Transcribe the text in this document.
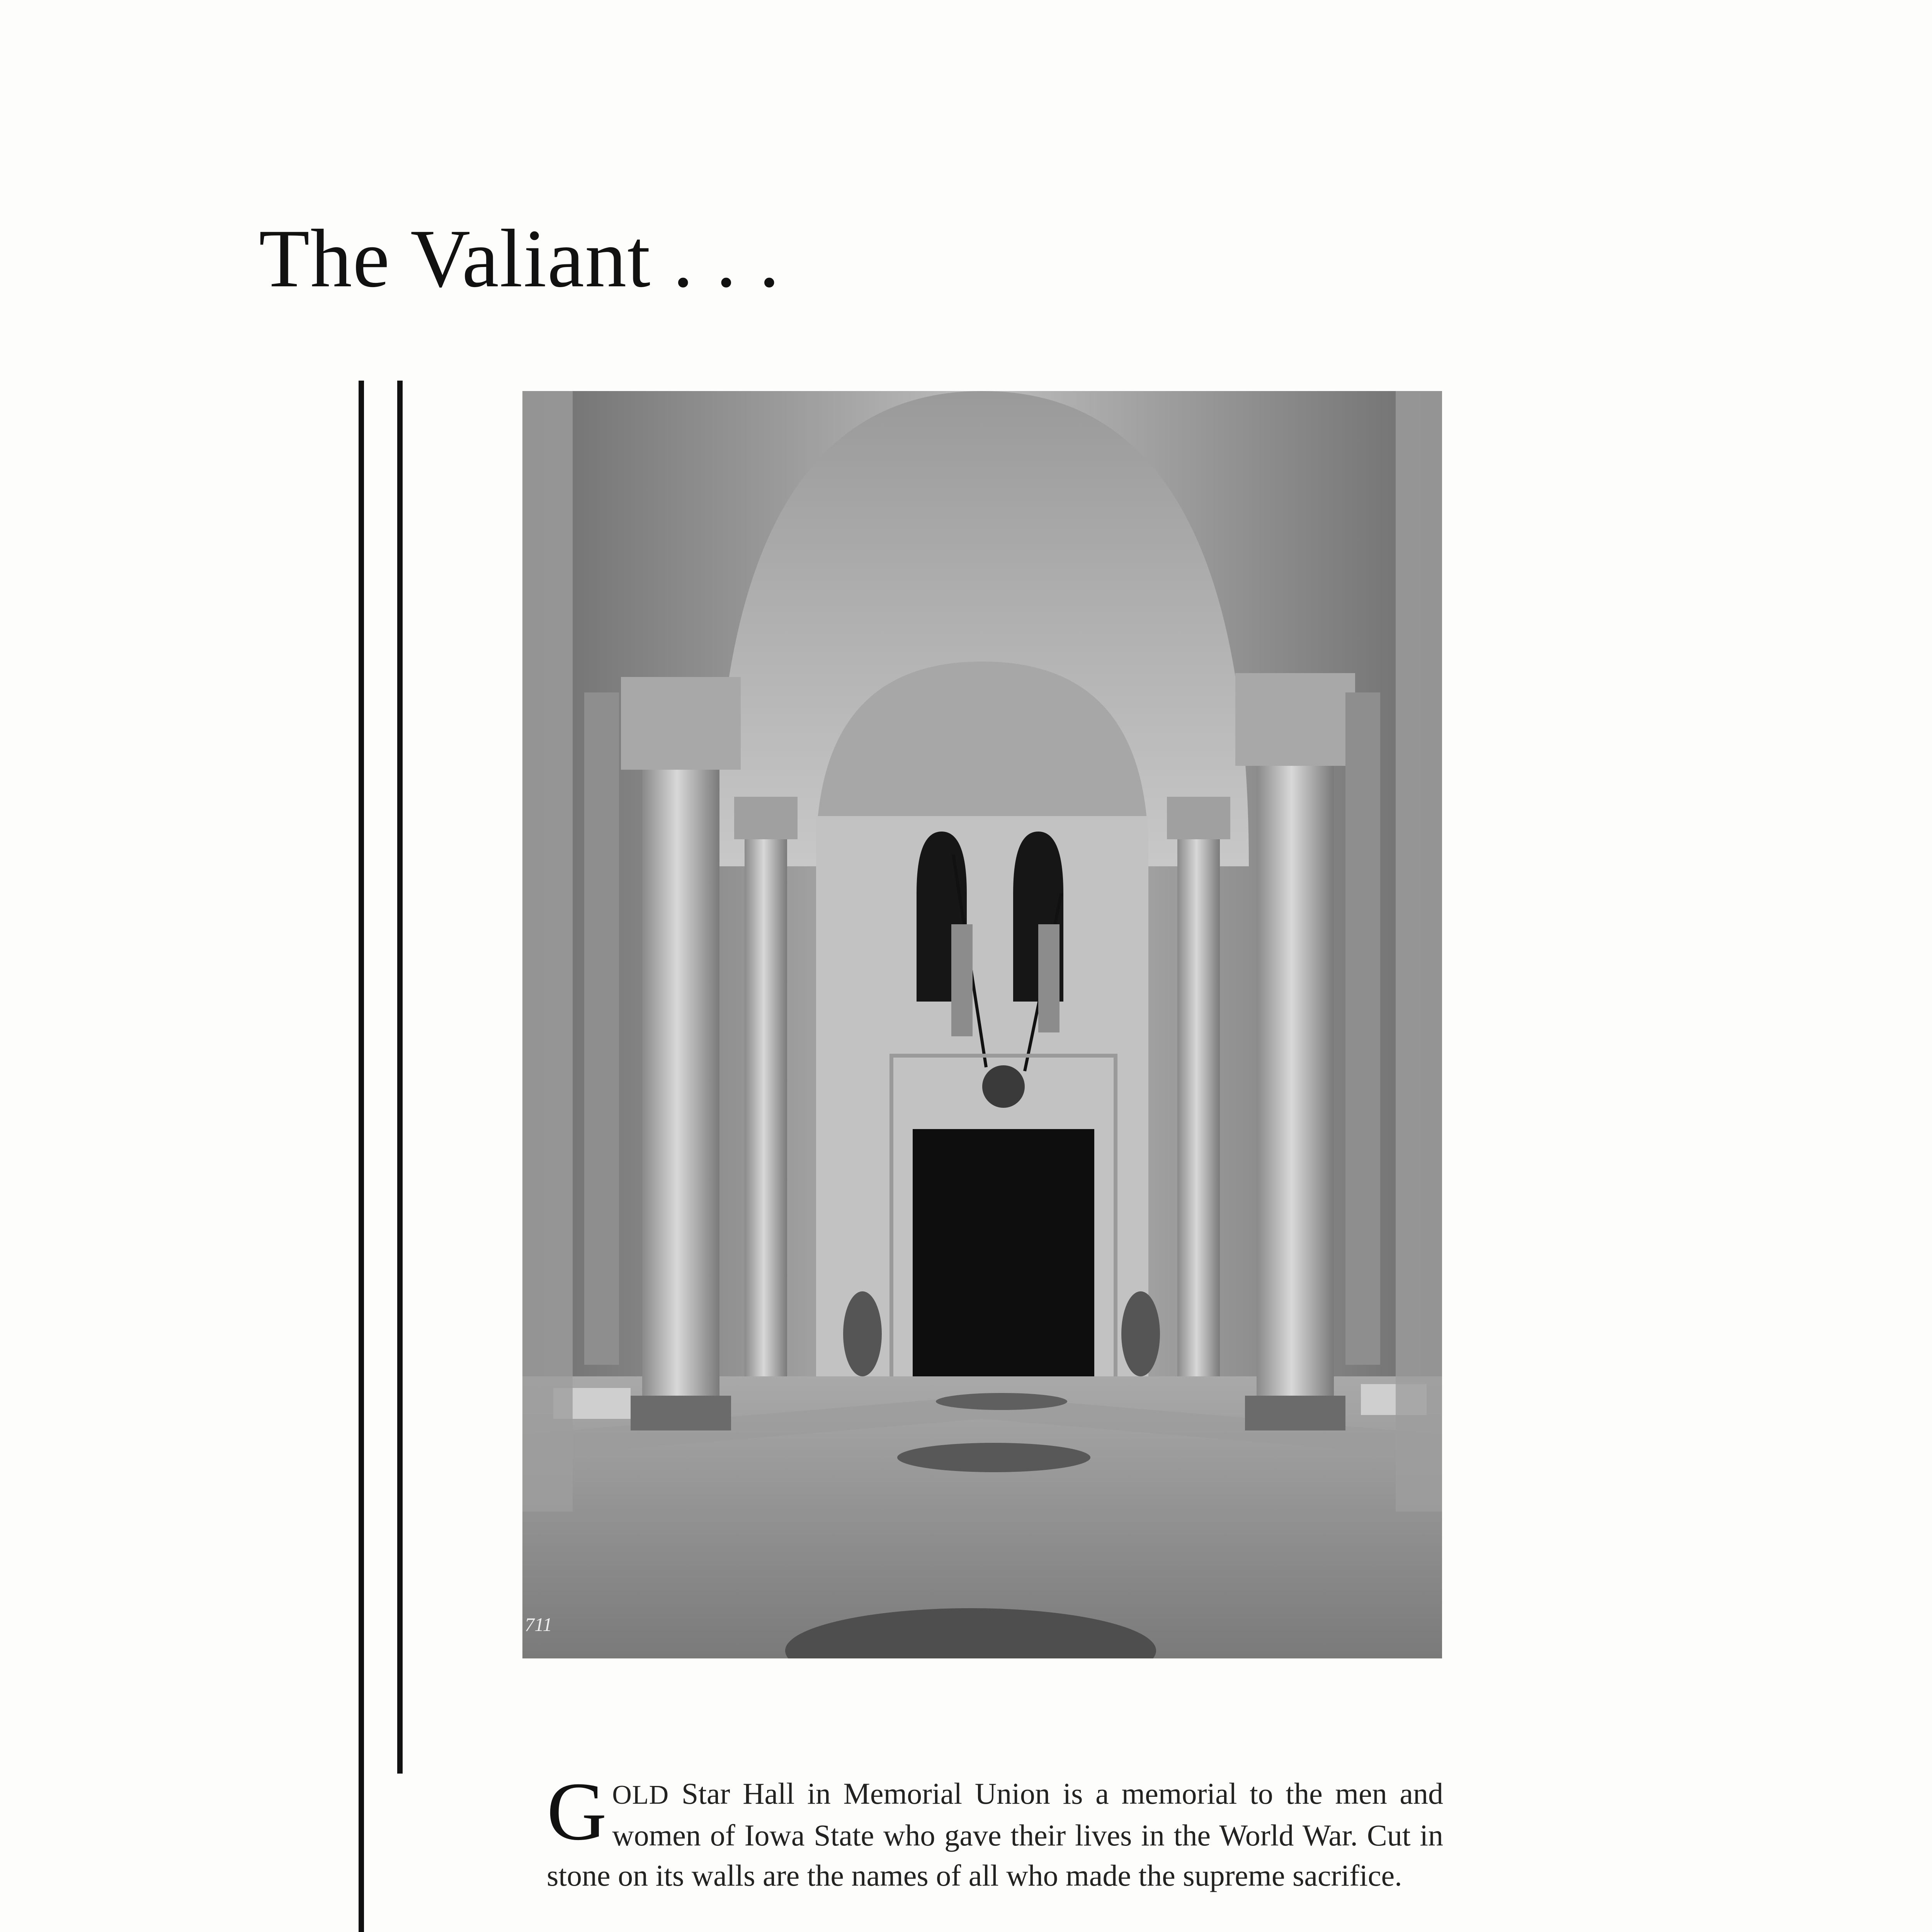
The Valiant . . .
711
GOLD Star Hall in Memorial Union is a memorial to the men and women of Iowa State who gave their lives in the World War. Cut in stone on its walls are the names of all who made the supreme sacrifice.
